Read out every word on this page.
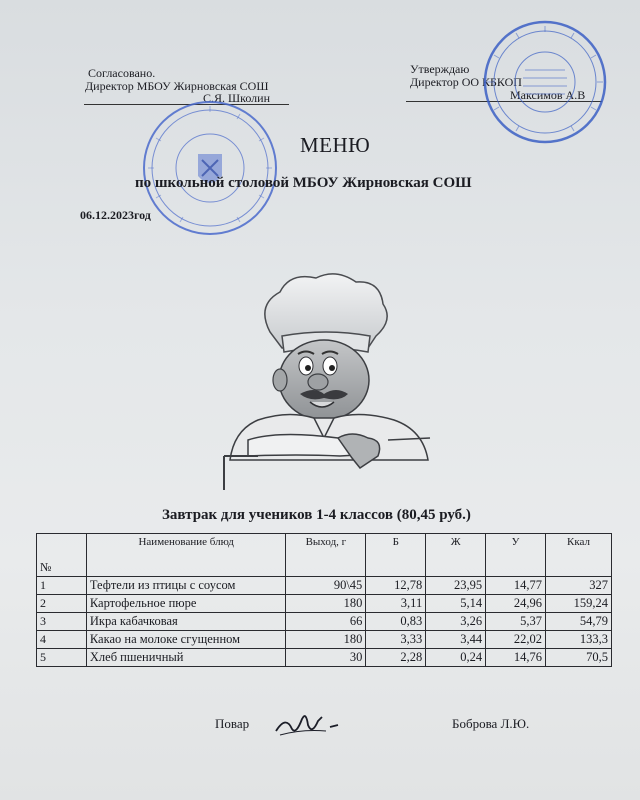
Согласовано.
Директор МБОУ Жирновская СОШ
С.Я. Школин
Утверждаю
Директор ОО КБКОП
Максимов А.В
МЕНЮ
по школьной столовой МБОУ Жирновская СОШ
06.12.2023год
Завтрак для учеников 1-4 классов (80,45 руб.)
№	Наименование блюд	Выход, г	Б	Ж	У	Ккал
1	Тефтели из птицы с соусом	90\45	12,78	23,95	14,77	327
2	Картофельное пюре	180	3,11	5,14	24,96	159,24
3	Икра кабачковая	66	0,83	3,26	5,37	54,79
4	Какао на молоке сгущенном	180	3,33	3,44	22,02	133,3
5	Хлеб пшеничный	30	2,28	0,24	14,76	70,5
Повар	Боброва Л.Ю.
